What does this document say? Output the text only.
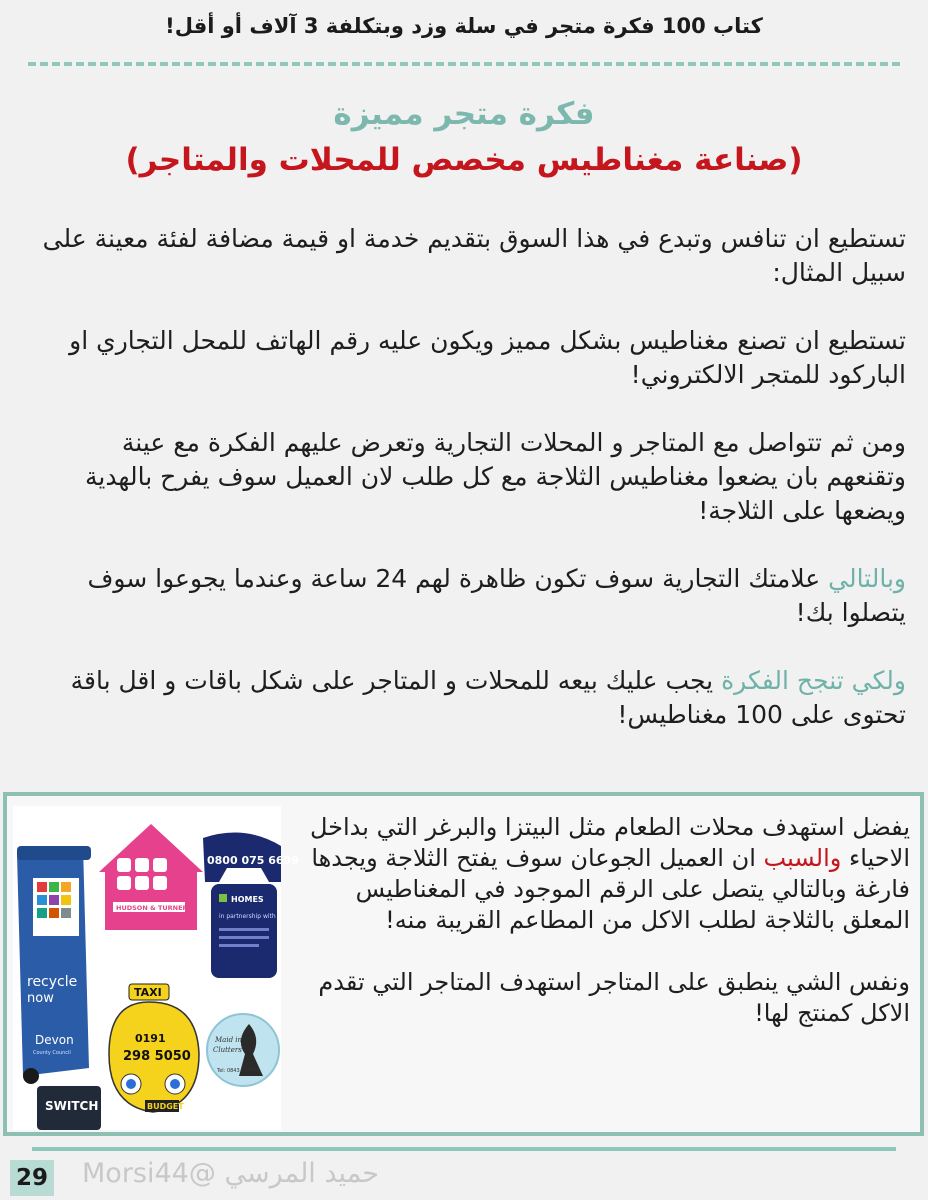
كتاب 100 فكرة متجر في سلة وزد وبتكلفة 3 آلاف أو أقل!
فكرة متجر مميزة
(صناعة مغناطيس مخصص للمحلات والمتاجر)

تستطيع ان تنافس وتبدع في هذا السوق بتقديم خدمة او قيمة مضافة لفئة معينة على سبيل المثال:

تستطيع ان تصنع مغناطيس بشكل مميز ويكون عليه رقم الهاتف للمحل التجاري او الباركود للمتجر الالكتروني!

ومن ثم تتواصل مع المتاجر و المحلات التجارية وتعرض عليهم الفكرة مع عينة وتقنعهم بان يضعوا مغناطيس الثلاجة مع كل طلب لان العميل سوف يفرح بالهدية ويضعها على الثلاجة!

وبالتالي علامتك التجارية سوف تكون ظاهرة لهم 24 ساعة وعندما يجوعوا سوف يتصلوا بك!

ولكي تنجح الفكرة يجب عليك بيعه للمحلات و المتاجر على شكل باقات و اقل باقة تحتوى على 100 مغناطيس!

recycle
now
Devon
County Council
SWITCH
HUDSON & TURNER
0800 075 6699
HOMES
in partnership with
TAXI
0191
298 5050
BUDGET
Maid in
Clutters
Tel: 0843 737741

يفضل استهدف محلات الطعام مثل البيتزا والبرغر التي بداخل الاحياء والسبب ان العميل الجوعان سوف يفتح الثلاجة ويجدها فارغة وبالتالي يتصل على الرقم الموجود في المغناطيس المعلق بالثلاجة لطلب الاكل من المطاعم القريبة منه!

ونفس الشي ينطبق على المتاجر استهدف المتاجر التي تقدم الاكل كمنتج لها!

29	حميد المرسي @Morsi44
